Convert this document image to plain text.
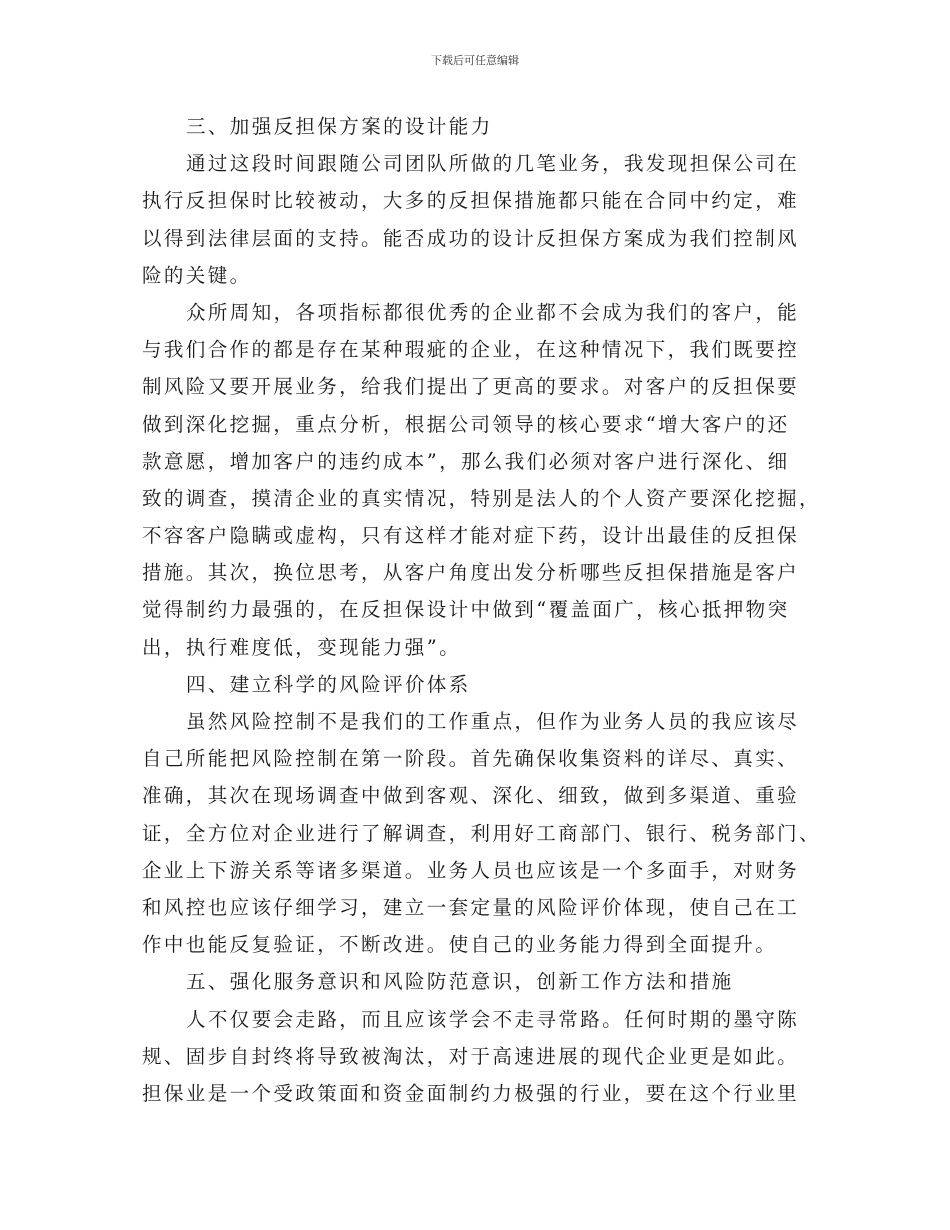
下载后可任意编辑
三、加强反担保方案的设计能力
通过这段时间跟随公司团队所做的几笔业务，我发现担保公司在
执行反担保时比较被动，大多的反担保措施都只能在合同中约定，难
以得到法律层面的支持。能否成功的设计反担保方案成为我们控制风
险的关键。
众所周知，各项指标都很优秀的企业都不会成为我们的客户，能
与我们合作的都是存在某种瑕疵的企业，在这种情况下，我们既要控
制风险又要开展业务，给我们提出了更高的要求。对客户的反担保要
做到深化挖掘，重点分析，根据公司领导的核心要求“增大客户的还
款意愿，增加客户的违约成本”，那么我们必须对客户进行深化、细
致的调查，摸清企业的真实情况，特别是法人的个人资产要深化挖掘，
不容客户隐瞒或虚构，只有这样才能对症下药，设计出最佳的反担保
措施。其次，换位思考，从客户角度出发分析哪些反担保措施是客户
觉得制约力最强的，在反担保设计中做到“覆盖面广，核心抵押物突
出，执行难度低，变现能力强”。
四、建立科学的风险评价体系
虽然风险控制不是我们的工作重点，但作为业务人员的我应该尽
自己所能把风险控制在第一阶段。首先确保收集资料的详尽、真实、
准确，其次在现场调查中做到客观、深化、细致，做到多渠道、重验
证，全方位对企业进行了解调查，利用好工商部门、银行、税务部门、
企业上下游关系等诸多渠道。业务人员也应该是一个多面手，对财务
和风控也应该仔细学习，建立一套定量的风险评价体现，使自己在工
作中也能反复验证，不断改进。使自己的业务能力得到全面提升。
五、强化服务意识和风险防范意识，创新工作方法和措施
人不仅要会走路，而且应该学会不走寻常路。任何时期的墨守陈
规、固步自封终将导致被淘汰，对于高速进展的现代企业更是如此。
担保业是一个受政策面和资金面制约力极强的行业，要在这个行业里
